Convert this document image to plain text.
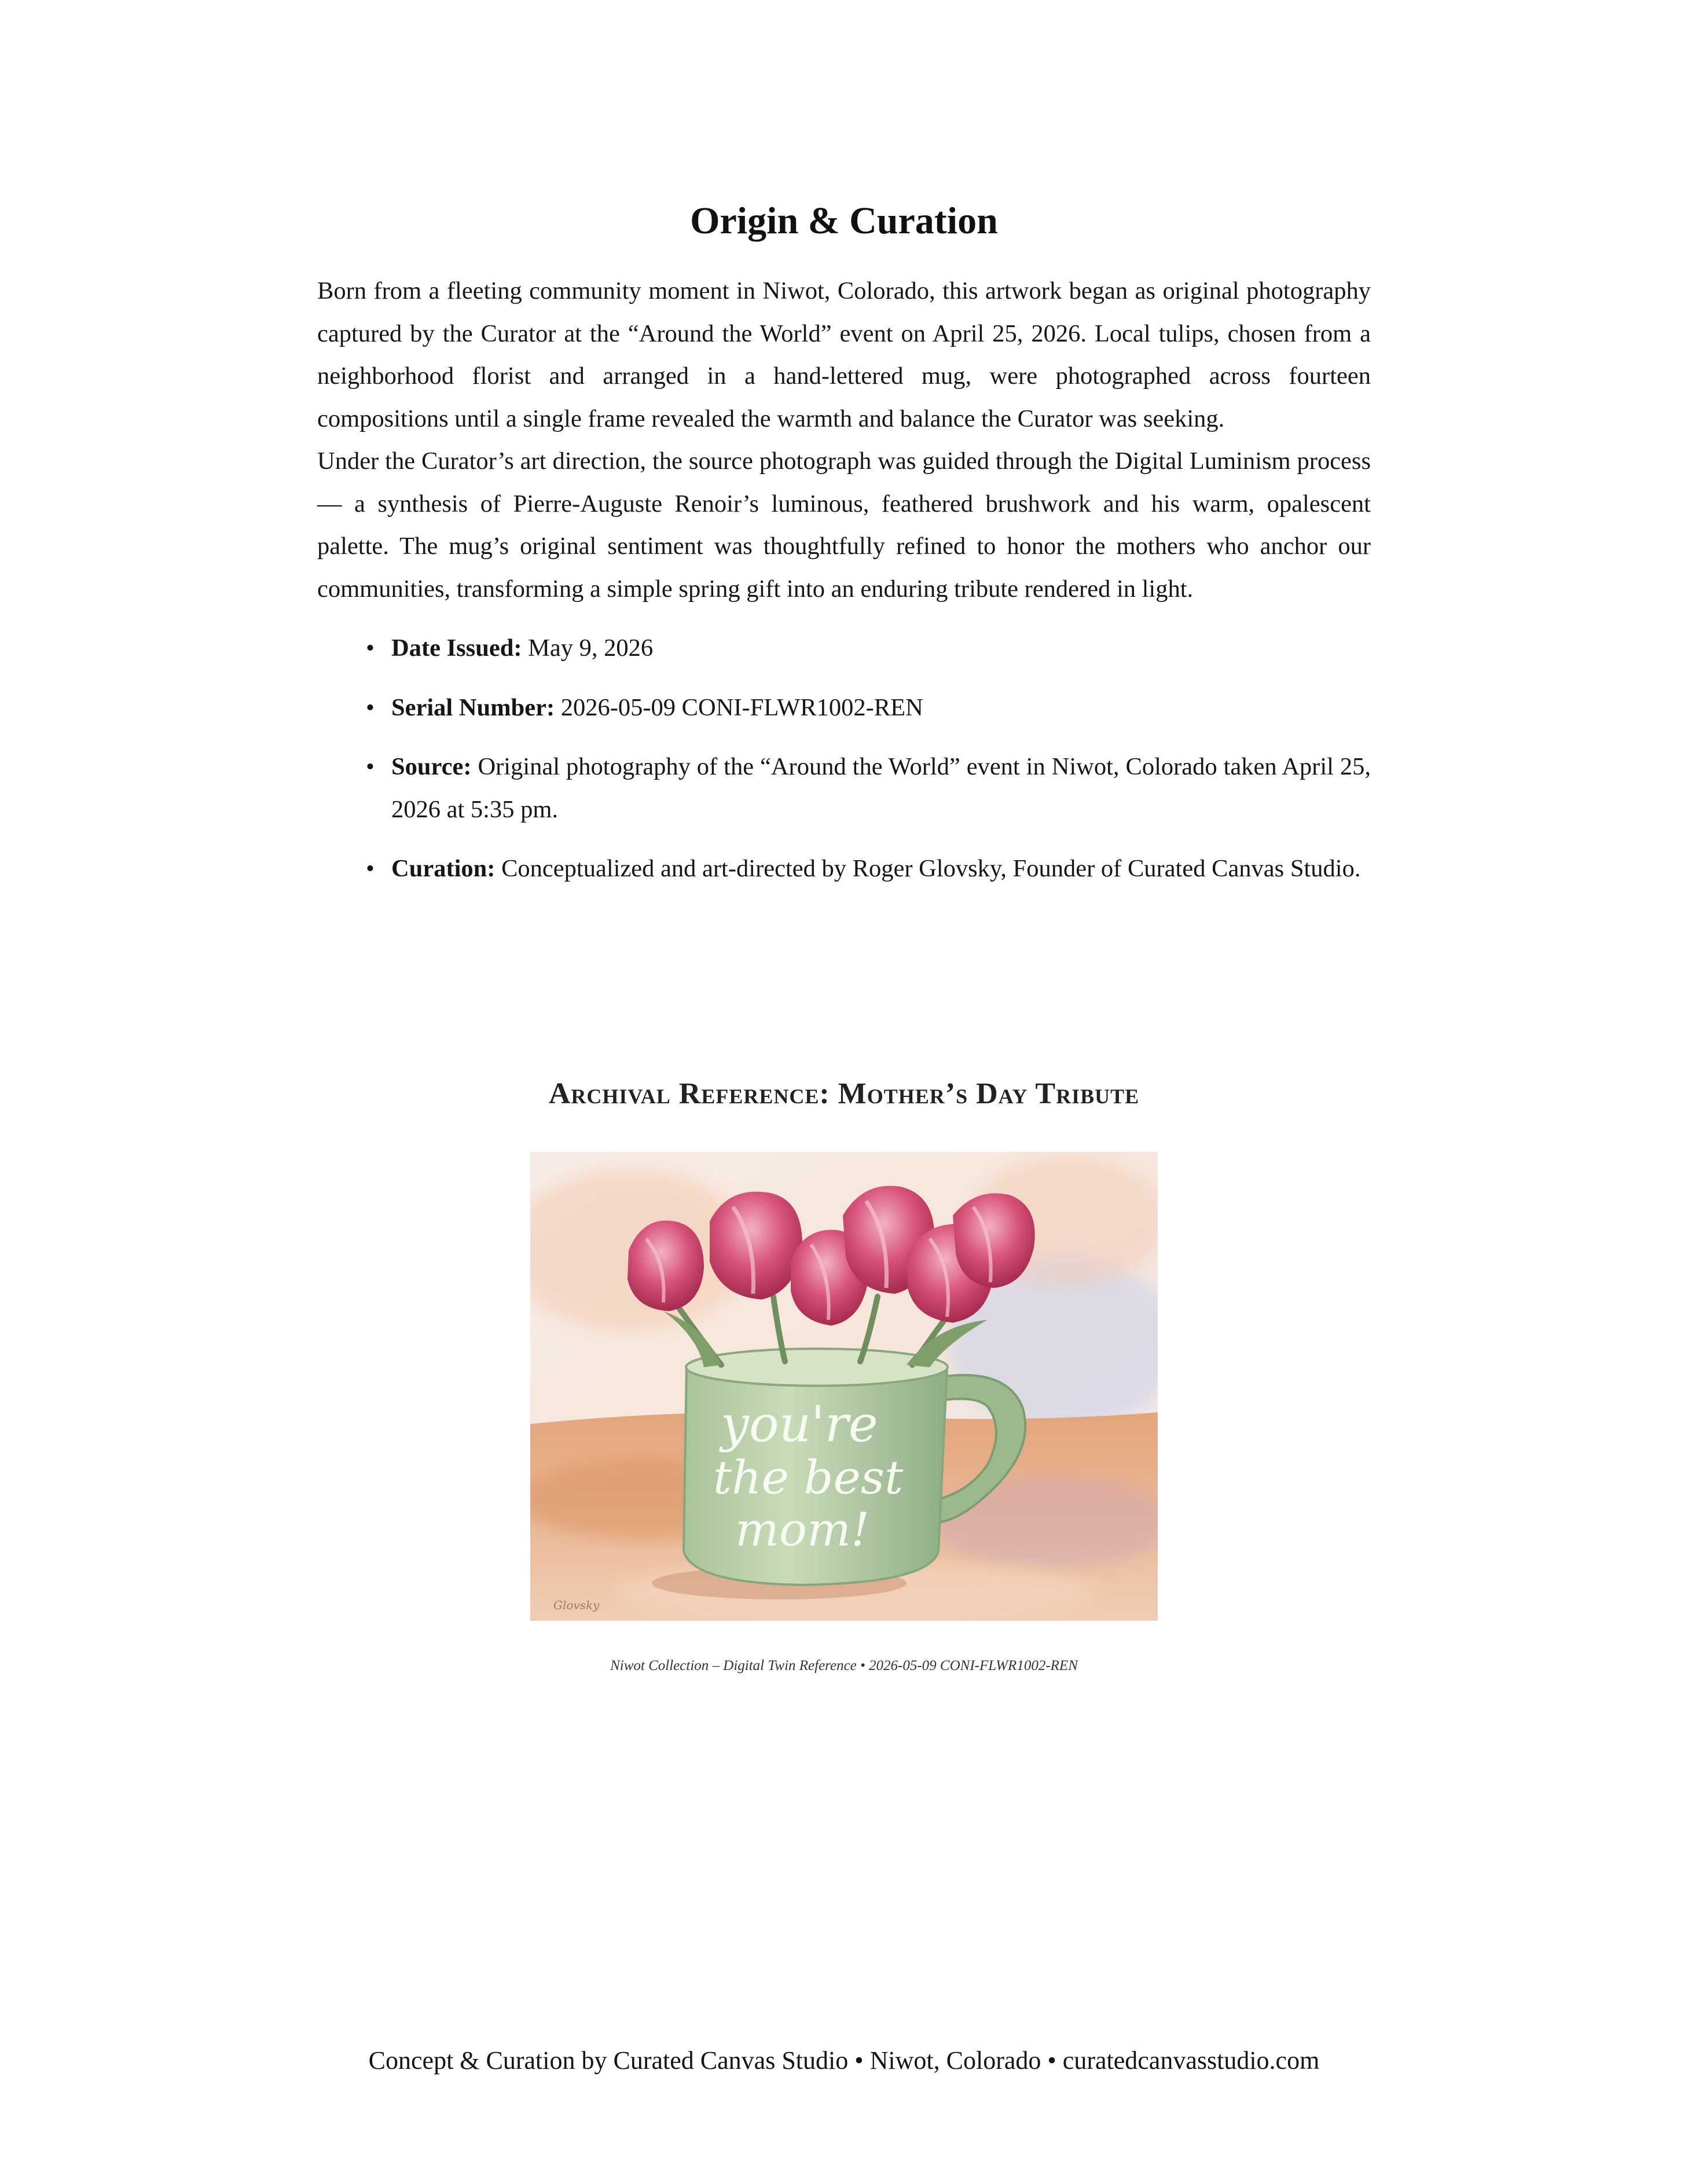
Origin & Curation

Born from a fleeting community moment in Niwot, Colorado, this artwork began as original photography captured by the Curator at the “Around the World” event on April 25, 2026. Local tulips, chosen from a neighborhood florist and arranged in a hand-lettered mug, were photographed across fourteen compositions until a single frame revealed the warmth and balance the Curator was seeking.

Under the Curator’s art direction, the source photograph was guided through the Digital Luminism process — a synthesis of Pierre-Auguste Renoir’s luminous, feathered brushwork and his warm, opalescent palette. The mug’s original sentiment was thoughtfully refined to honor the mothers who anchor our communities, transforming a simple spring gift into an enduring tribute rendered in light.

• Date Issued: May 9, 2026
• Serial Number: 2026-05-09 CONI-FLWR1002-REN
• Source: Original photography of the “Around the World” event in Niwot, Colorado taken April 25, 2026 at 5:35 pm.
• Curation: Conceptualized and art-directed by Roger Glovsky, Founder of Curated Canvas Studio.
Archival Reference: Mother’s Day Tribute
you're
the best
mom!
Glovsky

Niwot Collection – Digital Twin Reference • 2026-05-09 CONI-FLWR1002-REN

Concept & Curation by Curated Canvas Studio • Niwot, Colorado • curatedcanvasstudio.com
